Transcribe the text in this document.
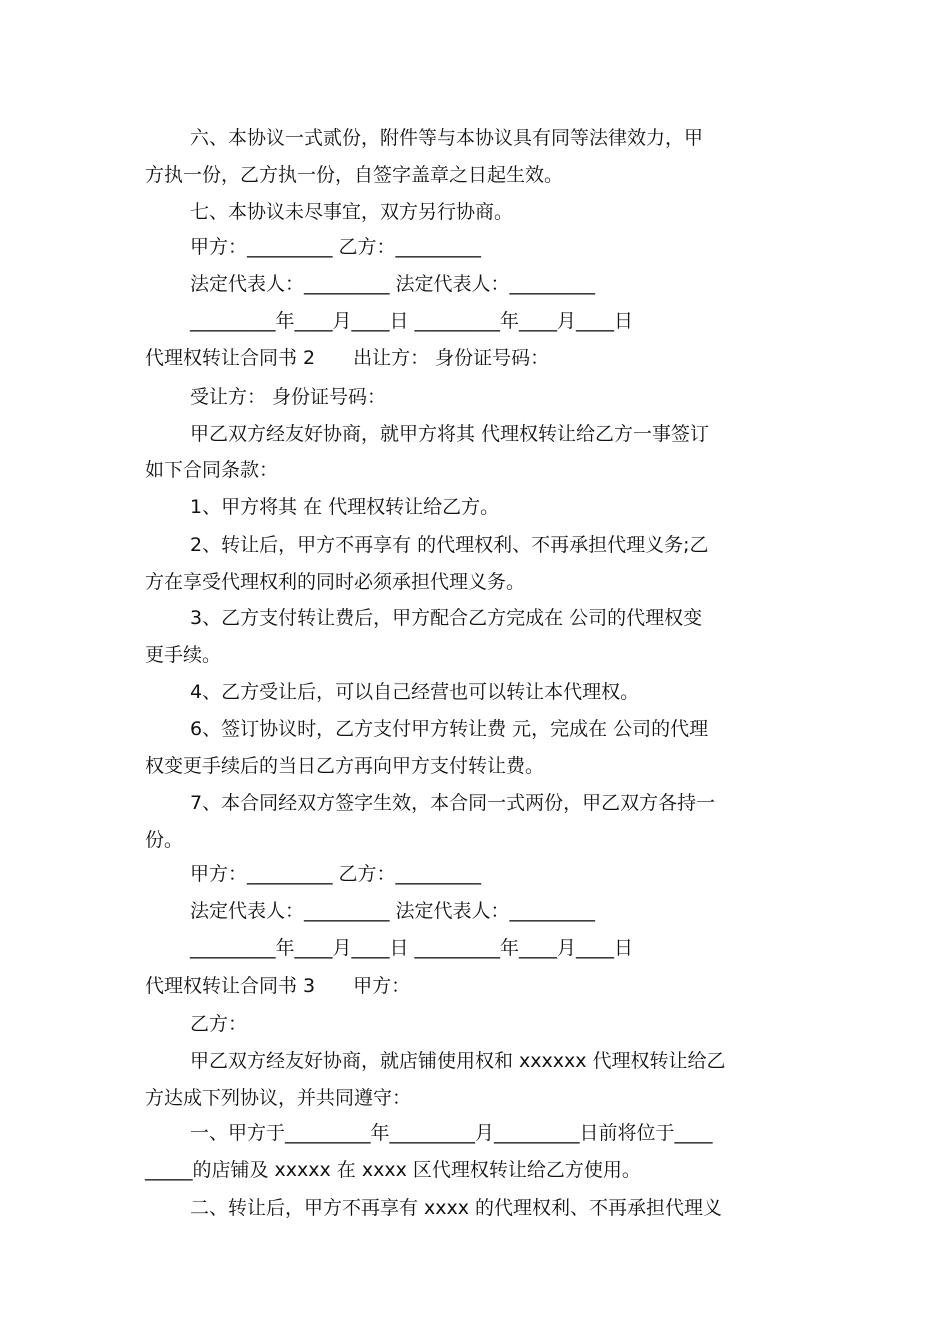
六、本协议一式贰份，附件等与本协议具有同等法律效力，甲
方执一份，乙方执一份，自签字盖章之日起生效。
七、本协议未尽事宜，双方另行协商。
甲方：_________ 乙方：_________
法定代表人：_________ 法定代表人：_________
_________年____月____日 _________年____月____日
代理权转让合同书 2　　出让方： 身份证号码：
受让方： 身份证号码：
甲乙双方经友好协商，就甲方将其 代理权转让给乙方一事签订
如下合同条款：
1、甲方将其 在 代理权转让给乙方。
2、转让后，甲方不再享有 的代理权利、不再承担代理义务;乙
方在享受代理权利的同时必须承担代理义务。
3、乙方支付转让费后，甲方配合乙方完成在 公司的代理权变
更手续。
4、乙方受让后，可以自己经营也可以转让本代理权。
6、签订协议时，乙方支付甲方转让费 元，完成在 公司的代理
权变更手续后的当日乙方再向甲方支付转让费。
7、本合同经双方签字生效，本合同一式两份，甲乙双方各持一
份。
甲方：_________ 乙方：_________
法定代表人：_________ 法定代表人：_________
_________年____月____日 _________年____月____日
代理权转让合同书 3　　甲方：
乙方：
甲乙双方经友好协商，就店铺使用权和 xxxxxx 代理权转让给乙
方达成下列协议，并共同遵守：
一、甲方于_________年_________月_________日前将位于____
_____的店铺及 xxxxx 在 xxxx 区代理权转让给乙方使用。
二、转让后，甲方不再享有 xxxx 的代理权利、不再承担代理义
